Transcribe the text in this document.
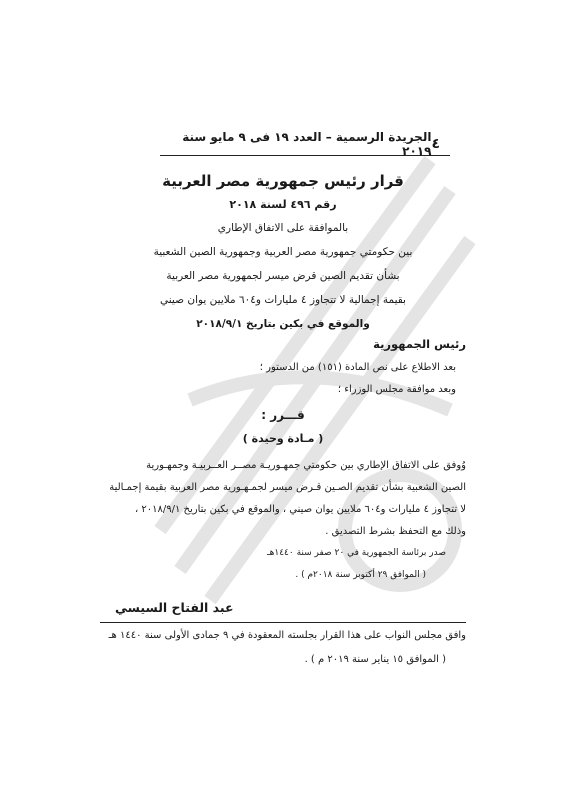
٤
الجريدة الرسمية – العدد ١٩ فى ٩ مايو سنة ٢٠١٩
قرار رئيس جمهورية مصر العربية
رقم ٤٩٦ لسنة ٢٠١٨
بالموافقة على الاتفاق الإطاري
بين حكومتي جمهورية مصر العربية وجمهورية الصين الشعبية
بشأن تقديم الصين قرض ميسر لجمهورية مصر العربية
بقيمة إجمالية لا تتجاوز ٤ مليارات و٦٠٤ ملايين يوان صيني
والموقع في بكين بتاريخ ٢٠١٨/٩/١
رئيس الجمهورية
بعد الاطلاع على نص المادة (١٥١) من الدستور ؛
وبعد موافقة مجلس الوزراء ؛
قـــرر :
( مـادة وحيدة )
وُوفق على الاتفاق الإطاري بين حكومتي جمهـوريـة مصــر العــربيـة وجمهـورية
الصين الشعبية بشأن تقديم الصـين قـرض ميسر لجمـهـورية مصر العربية بقيمة إجمـالية
لا تتجاوز ٤ مليارات و٦٠٤ ملايين يوان صيني ، والموقع في بكين بتاريخ ٢٠١٨/٩/١ ،
وذلك مع التحفظ بشرط التصديق .
صدر برئاسة الجمهورية في ٢٠ صفر سنة ١٤٤٠هـ
( الموافق ٢٩ أكتوبر سنة ٢٠١٨م ) .
عبد الفتاح السيسي
وافق مجلس النواب على هذا القرار بجلسته المعقودة في ٩ جمادى الأولى سنة ١٤٤٠ هـ
( الموافق ١٥ يناير سنة ٢٠١٩ م ) .
